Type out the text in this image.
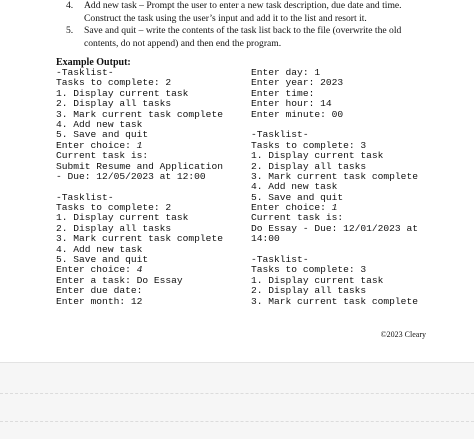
4.	Add new task – Prompt the user to enter a new task description, due date and time.
Construct the task using the user’s input and add it to the list and resort it.
5.	Save and quit – write the contents of the task list back to the file (overwrite the old
contents, do not append) and then end the program.
Example Output:
-Tasklist-
Tasks to complete: 2
1. Display current task
2. Display all tasks
3. Mark current task complete
4. Add new task
5. Save and quit
Enter choice: 1
Current task is:
Submit Resume and Application
- Due: 12/05/2023 at 12:00
-Tasklist-
Tasks to complete: 2
1. Display current task
2. Display all tasks
3. Mark current task complete
4. Add new task
5. Save and quit
Enter choice: 4
Enter a task: Do Essay
Enter due date:
Enter month: 12
Enter day: 1
Enter year: 2023
Enter time:
Enter hour: 14
Enter minute: 00
-Tasklist-
Tasks to complete: 3
1. Display current task
2. Display all tasks
3. Mark current task complete
4. Add new task
5. Save and quit
Enter choice: 1
Current task is:
Do Essay - Due: 12/01/2023 at
14:00
-Tasklist-
Tasks to complete: 3
1. Display current task
2. Display all tasks
3. Mark current task complete
©2023 Cleary
